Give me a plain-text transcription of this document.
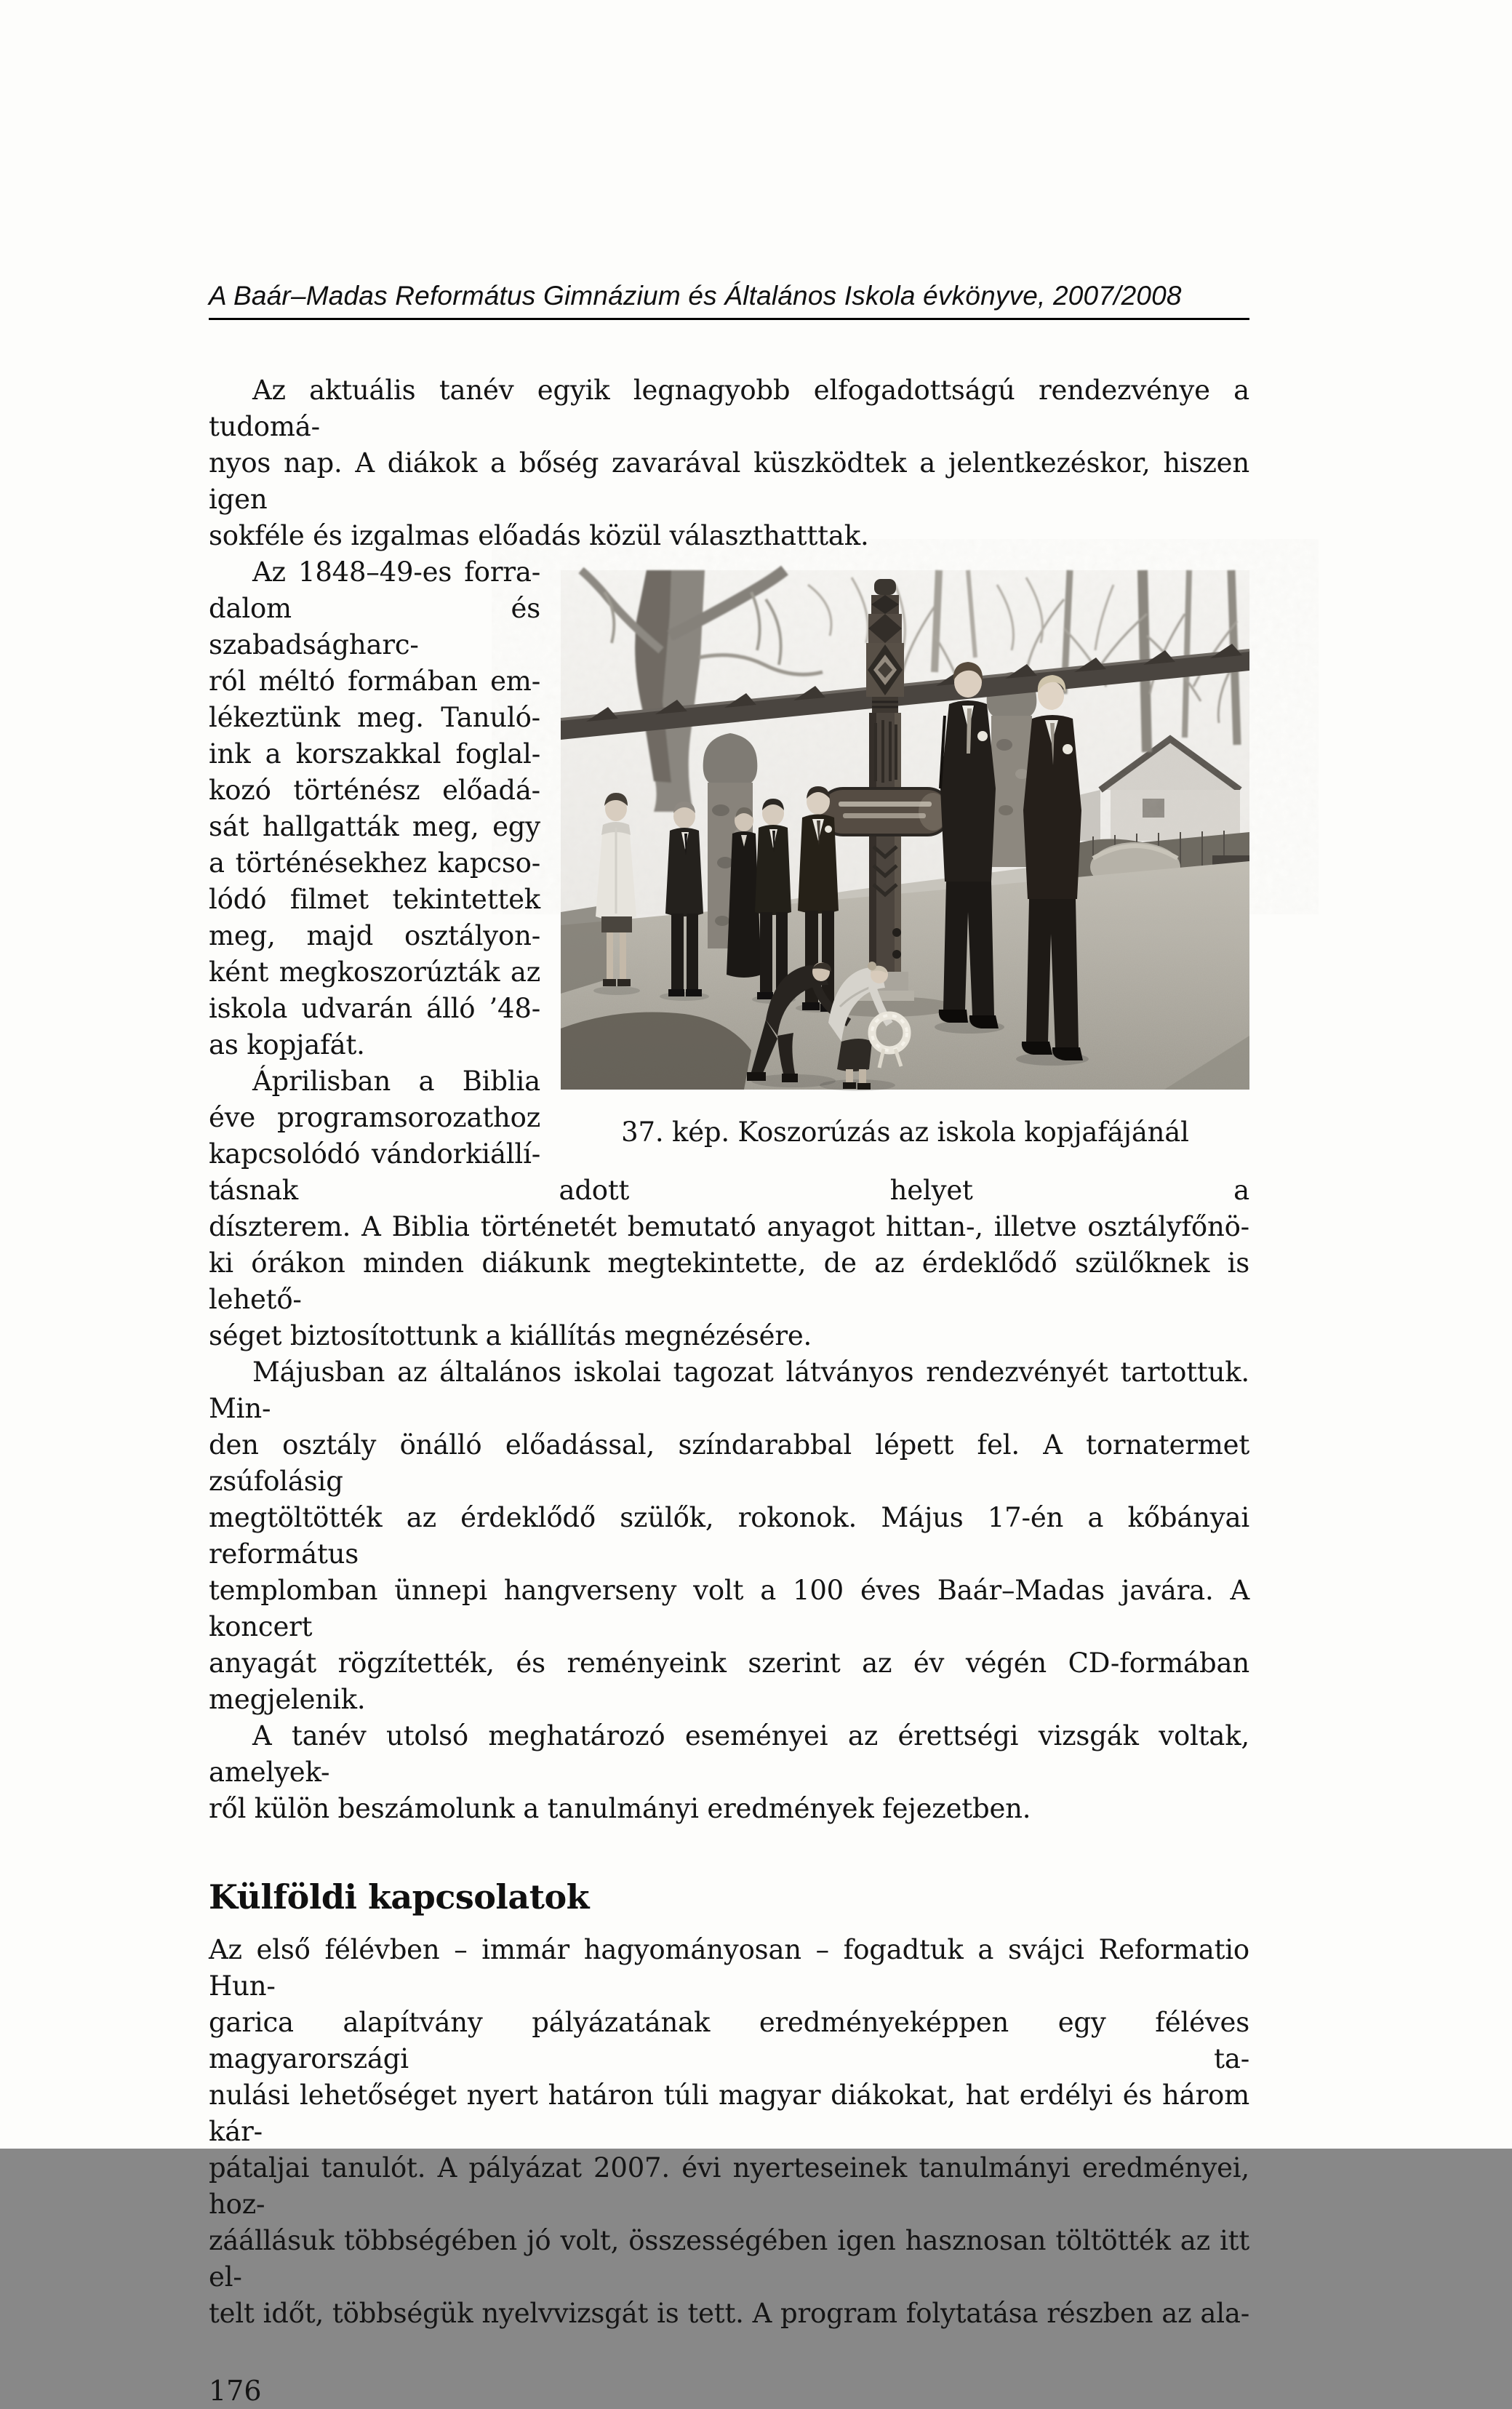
A Baár–Madas Református Gimnázium és Általános Iskola évkönyve, 2007/2008
Az aktuális tanév egyik legnagyobb elfogadottságú rendezvénye a tudomá-
nyos nap. A diákok a bőség zavarával küszködtek a jelentkezéskor, hiszen igen
sokféle és izgalmas előadás közül választhatttak.
37. kép. Koszorúzás az iskola kopjafájánál
Az 1848–49-es forra-
dalom és szabadságharc-
ról méltó formában em-
lékeztünk meg. Tanuló-
ink a korszakkal foglal-
kozó történész előadá-
sát hallgatták meg, egy
a történésekhez kapcso-
lódó filmet tekintettek
meg, majd osztályon-
ként megkoszorúzták az
iskola udvarán álló ’48-
as kopjafát.
Áprilisban a Biblia
éve programsorozathoz
kapcsolódó vándorkiállí-
tásnak adott helyet a
díszterem. A Biblia történetét bemutató anyagot hittan-, illetve osztályfőnö-
ki órákon minden diákunk megtekintette, de az érdeklődő szülőknek is lehető-
séget biztosítottunk a kiállítás megnézésére.
Májusban az általános iskolai tagozat látványos rendezvényét tartottuk. Min-
den osztály önálló előadással, színdarabbal lépett fel. A tornatermet zsúfolásig
megtöltötték az érdeklődő szülők, rokonok. Május 17-én a kőbányai református
templomban ünnepi hangverseny volt a 100 éves Baár–Madas javára. A koncert
anyagát rögzítették, és reményeink szerint az év végén CD-formában megjelenik.
A tanév utolsó meghatározó eseményei az érettségi vizsgák voltak, amelyek-
ről külön beszámolunk a tanulmányi eredmények fejezetben.
Külföldi kapcsolatok
Az első félévben – immár hagyományosan – fogadtuk a svájci Reformatio Hun-
garica alapítvány pályázatának eredményeképpen egy féléves magyarországi ta-
nulási lehetőséget nyert határon túli magyar diákokat, hat erdélyi és három kár-
pátaljai tanulót. A pályázat 2007. évi nyerteseinek tanulmányi eredményei, hoz-
záállásuk többségében jó volt, összességében igen hasznosan töltötték az itt el-
telt időt, többségük nyelvvizsgát is tett. A program folytatása részben az ala-
176
